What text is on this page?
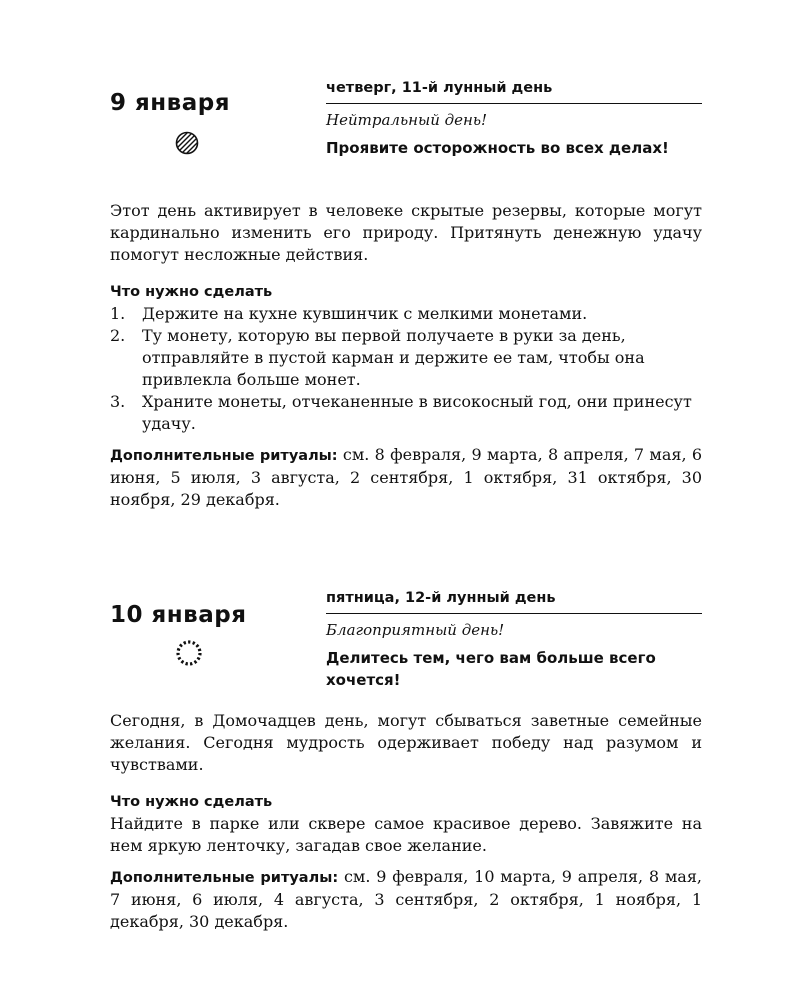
9 января
четверг, 11-й лунный день
Нейтральный день!
Проявите осторожность во всех делах!

Этот день активирует в человеке скрытые резервы, которые могут кардинально изменить его природу. Притянуть денежную удачу помогут несложные действия.

Что нужно сделать
1. Держите на кухне кувшинчик с мелкими монетами.
2. Ту монету, которую вы первой получаете в руки за день, отправляйте в пустой карман и держите ее там, чтобы она привлекла больше монет.
3. Храните монеты, отчеканенные в високосный год, они принесут удачу.

Дополнительные ритуалы: см. 8 февраля, 9 марта, 8 апреля, 7 мая, 6 июня, 5 июля, 3 августа, 2 сентября, 1 октября, 31 октября, 30 ноября, 29 декабря.

10 января
пятница, 12-й лунный день
Благоприятный день!
Делитесь тем, чего вам больше всего хочется!

Сегодня, в Домочадцев день, могут сбываться заветные семейные желания. Сегодня мудрость одерживает победу над разумом и чувствами.

Что нужно сделать

Найдите в парке или сквере самое красивое дерево. Завяжите на нем яркую ленточку, загадав свое желание.

Дополнительные ритуалы: см. 9 февраля, 10 марта, 9 апреля, 8 мая, 7 июня, 6 июля, 4 августа, 3 сентября, 2 октября, 1 ноября, 1 декабря, 30 декабря.
